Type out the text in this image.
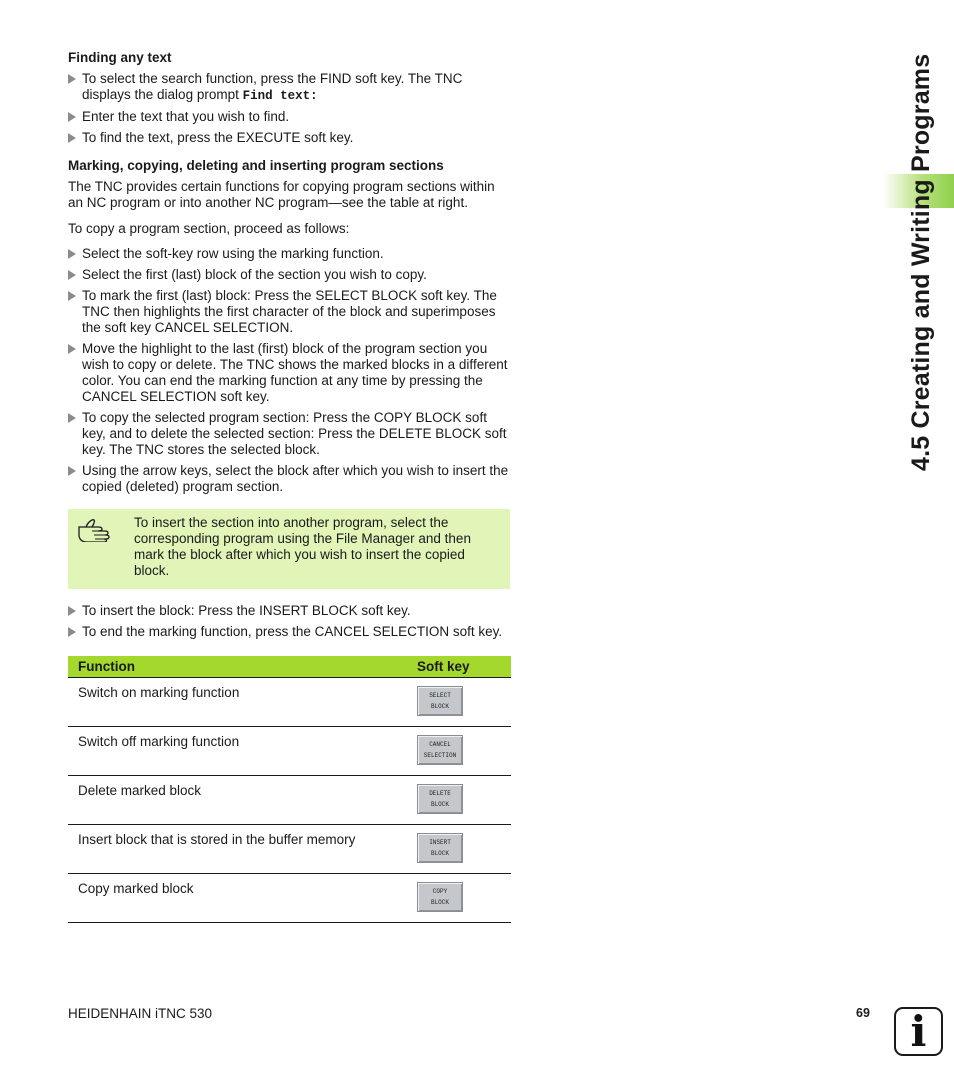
4.5 Creating and Writing Programs
Finding any text
To select the search function, press the FIND soft key. The TNC displays the dialog prompt Find text:
Enter the text that you wish to find.
To find the text, press the EXECUTE soft key.
Marking, copying, deleting and inserting program sections

The TNC provides certain functions for copying program sections within an NC program or into another NC program—see the table at right.

To copy a program section, proceed as follows:

Select the soft-key row using the marking function.
Select the first (last) block of the section you wish to copy.
To mark the first (last) block: Press the SELECT BLOCK soft key. The TNC then highlights the first character of the block and superimposes the soft key CANCEL SELECTION.
Move the highlight to the last (first) block of the program section you wish to copy or delete. The TNC shows the marked blocks in a different color. You can end the marking function at any time by pressing the CANCEL SELECTION soft key.
To copy the selected program section: Press the COPY BLOCK soft key, and to delete the selected section: Press the DELETE BLOCK soft key. The TNC stores the selected block.
Using the arrow keys, select the block after which you wish to insert the copied (deleted) program section.
To insert the section into another program, select the corresponding program using the File Manager and then mark the block after which you wish to insert the copied block.
To insert the block: Press the INSERT BLOCK soft key.
To end the marking function, press the CANCEL SELECTION soft key.
Function	Soft key
Switch on marking function	SELECT
BLOCK

Switch off marking function	CANCEL
SELECTION

Delete marked block	DELETE
BLOCK

Insert block that is stored in the buffer memory	INSERT
BLOCK

Copy marked block	COPY
BLOCK
HEIDENHAIN iTNC 530	69 i
